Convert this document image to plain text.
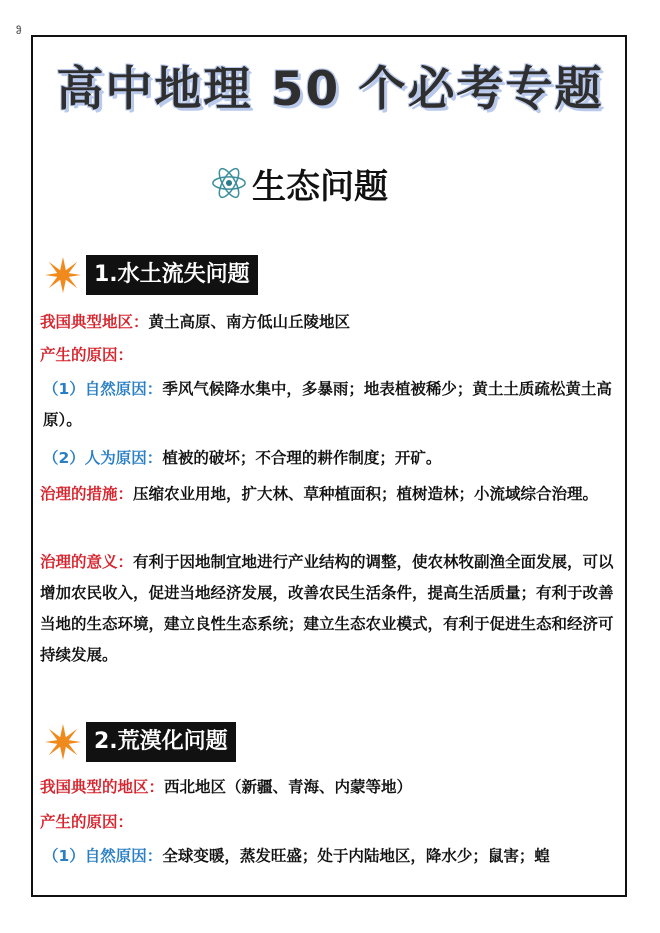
ჵ
高中地理 50 个必考专题
生态问题
1.水土流失问题

我国典型地区：黄土高原、南方低山丘陵地区

产生的原因：

（1）自然原因：季风气候降水集中，多暴雨；地表植被稀少；黄土土质疏松黄土高原）。

（2）人为原因：植被的破坏；不合理的耕作制度；开矿。

治理的措施：压缩农业用地，扩大林、草种植面积；植树造林；小流域综合治理。

治理的意义：有利于因地制宜地进行产业结构的调整，使农林牧副渔全面发展，可以增加农民收入，促进当地经济发展，改善农民生活条件，提高生活质量；有利于改善当地的生态环境，建立良性生态系统；建立生态农业模式，有利于促进生态和经济可持续发展。

2.荒漠化问题

我国典型的地区：西北地区（新疆、青海、内蒙等地）

产生的原因：

（1）自然原因：全球变暖，蒸发旺盛；处于内陆地区，降水少；鼠害；蝗
